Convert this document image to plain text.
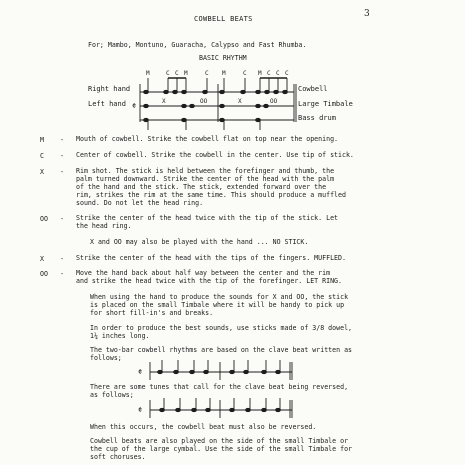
3
COWBELL BEATS
For; Mambo, Montuno, Guaracha, Calypso and Fast Rhumba.
BASIC RHYTHM
M	C C M	C M	C M C C C
Right hand
Left hand
Cowbell
Large Timbale
Bass drum
X	OO	X	OO
𝄵
𝄵
𝄵
M - Mouth of cowbell. Strike the cowbell flat on top near the opening.
C - Center of cowbell. Strike the cowbell in the center. Use tip of stick.
X - Rim shot. The stick is held between the forefinger and thumb, the
palm turned downward. Strike the center of the head with the palm
of the hand and the stick. The stick, extended forward over the
rim, strikes the rim at the same time. This should produce a muffled
sound. Do not let the head ring.
OO - Strike the center of the head twice with the tip of the stick. Let
the head ring.
X and OO may also be played with the hand ... NO STICK.
X - Strike the center of the head with the tips of the fingers. MUFFLED.
OO - Move the hand back about half way between the center and the rim
and strike the head twice with the tip of the forefinger. LET RING.
When using the hand to produce the sounds for X and OO, the stick
is placed on the small Timbale where it will be handy to pick up
for short fill-in's and breaks.
In order to produce the best sounds, use sticks made of 3/8 dowel,
1¼ inches long.
The two-bar cowbell rhythms are based on the clave beat written as
follows;
There are some tunes that call for the clave beat being reversed,
as follows;
When this occurs, the cowbell beat must also be reversed.
Cowbell beats are also played on the side of the small Timbale or
the cup of the large cymbal. Use the side of the small Timbale for
soft choruses.
